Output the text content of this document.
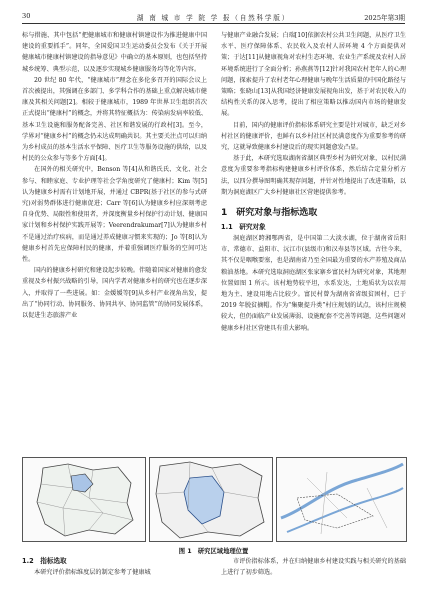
30	湖 南 城 市 学 院 学 报（自然科学版）	2025年第3期

标与措施、其中包括“把健康城市和健康村镇建设作为推进健康中国建设的重要抓手”。同年，全国爱国卫生运动委员会发布《关于开展健康城市健康村镇建设的指导意见》中确立的基本原则，也包括坚持城乡统筹、典型示范，以及逐步实现城乡健康服务均等化等内容。

20 世纪 80 年代，“健康城市”理念在多伦多召开的国际会议上首次被提出，其强调在多部门、多学科合作的基础上重点解决城市健康及其相关问题[2]。相较于健康城市，1989 年世界卫生组织首次正式提出“健康村”的概念，并将其特征概括为：传染病发病率较低、基本卫生设施和服务配备完善、社区和谐发展的行政村[3]。至今，学界对“健康乡村”的概念仍未达成明确共识。其主要关注点可以归纳为乡村成员的基本生活水平保障、医疗卫生等服务设施的供给，以及村民的公众参与等多个方面[4]。

在国外的相关研究中，Benson 等[4]从和谐氏氏、文化、社会参与、和睦家庭、专业护理等社会学角度研究了健康村；Kim 等[5]认为健康乡村需有计划地开展，并通过 CBPR(基于社区的参与式研究)对弱势群体进行健康促进；Carr 等[6]认为健康乡村应深刻考虑自身优势、局限性和使用者，并深度衡量乡村保护行动计划、健康国家计划和乡村保护实践开展等；Veerendrakumar[7]认为健康乡村不是通过治疗疾病，而是通过养成健康习惯来实现的；Jo 等[8]认为健康乡村首先应保障村民的健康，并着重强调医疗服务的空间可达性。

国内的健康乡村研究和建设起步较晚。伴随着国家对健康的愈发重视及乡村振兴战略的引导，国内学者对健康乡村的研究也在逐步深入，并取得了一些进展。如：金媛媛等[9]从乡村产业视角出发，提出了“协同行动、协同服务、协同共享、协同监管”的协同发展体系，以促进生态旅游产业

与健康产业融合发展；白瑞[10]依据农村公共卫生问题，从医疗卫生水平、医疗保障体系、农民收入及农村人居环境 4 个方面提供对策；于达[11]从健康视角对农村生态环境、农业生产系统及农村人居环境系统进行了全面分析；孙燕燕等[12]针对我国农村老年人的心理问题，探索提升了农村老年心理健康与晚年生活质量的中国化路径与策略；张晓山[13]从我国经济健康发展视角出发，基于对农民收入的结构性关系的深入思考，提出了相应策略以推动国内市场的健康发展。

目前，国内的健康评价指标体系研究主要是针对城市，缺乏对乡村社区的健康评价，也鲜有以乡村社区村民满意度作为重要参考的研究，这就导致健康乡村建设后的现实问题愈发凸显。

基于此，本研究选取湖南省湖区典型乡村为研究对象，以村民满意度为重要参考指标构建健康乡村评价体系，然后结合定量分析方法，以四分撰导图明确其现存问题，并针对性地提出了改进策略，以期为洞庭湖区广大乡村健康社区营建提供参考。

1　研究对象与指标选取
1.1　研究对象

洞庭湖区跨湘鄂两省，是中国第二大淡水湖，位于湖南省岳阳市、常德市、益阳市、沅江市(县级市)和汉寿县等区域。古往今来，其不仅是咽喉要塞，也是湖南省乃至全国最为重要的水产养殖及商品粮油基地。本研究选取洞庭湖区张家寨乡富民村为研究对象，其地理位置如图 1 所示。该村地势较平坦，水系发达，土地质状为以农用地为主、建设用地占比较少。富民村曾为湖南省省级贫困村，已于 2019 年脱贫摘帽。作为“集聚提升类”村庄规划的试点，该村庄规模较大，但仍面临产业发展薄弱、设施配套不完善等问题，这些问题对健康乡村社区营建具有重大影响。

图 1　研究区域地理位置
1.2　指标选取

本研究评价指标维度层的制定参考了健康城

市评价指标体系，并在归纳健康乡村建设实践与相关研究的基础上进行了初步筛选。
